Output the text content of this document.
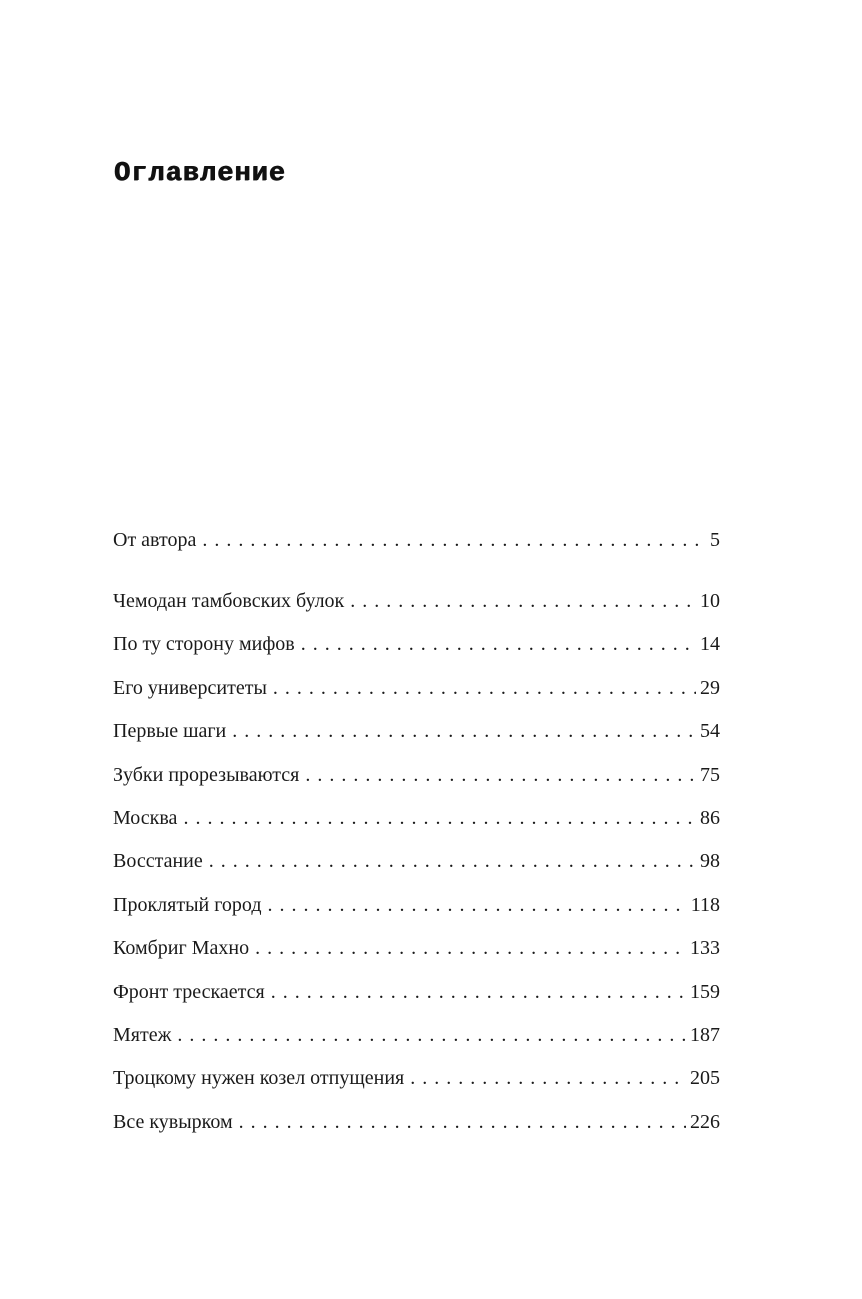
Оглавление
От автора . . .	5
Чемодан тамбовских булок . . .	10
По ту сторону мифов . . .	14
Его университеты . . .	29
Первые шаги . . .	54
Зубки прорезываются . . .	75
Москва . . .	86
Восстание . . .	98
Проклятый город . . .	118
Комбриг Махно . . .	133
Фронт трескается . . .	159
Мятеж . . .	187
Троцкому нужен козел отпущения . . .	205
Все кувырком . . .	226
